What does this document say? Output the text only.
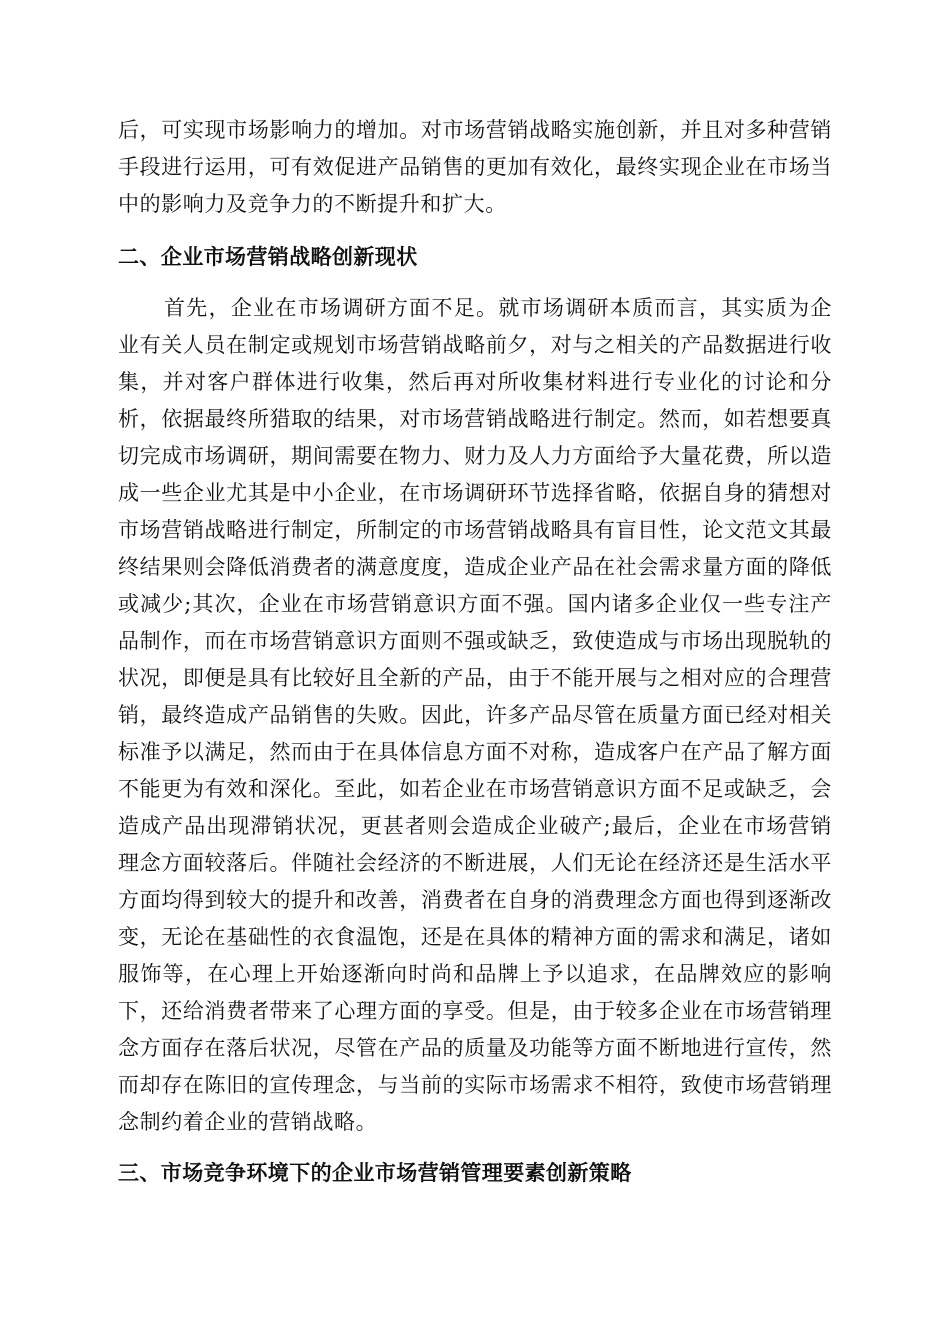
后，可实现市场影响力的增加。对市场营销战略实施创新，并且对多种营销手段进行运用，可有效促进产品销售的更加有效化，最终实现企业在市场当中的影响力及竞争力的不断提升和扩大。

二、企业市场营销战略创新现状

首先，企业在市场调研方面不足。就市场调研本质而言，其实质为企业有关人员在制定或规划市场营销战略前夕，对与之相关的产品数据进行收集，并对客户群体进行收集，然后再对所收集材料进行专业化的讨论和分析，依据最终所猎取的结果，对市场营销战略进行制定。然而，如若想要真切完成市场调研，期间需要在物力、财力及人力方面给予大量花费，所以造成一些企业尤其是中小企业，在市场调研环节选择省略，依据自身的猜想对市场营销战略进行制定，所制定的市场营销战略具有盲目性，论文范文其最终结果则会降低消费者的满意度度，造成企业产品在社会需求量方面的降低或减少;其次，企业在市场营销意识方面不强。国内诸多企业仅一些专注产品制作，而在市场营销意识方面则不强或缺乏，致使造成与市场出现脱轨的状况，即便是具有比较好且全新的产品，由于不能开展与之相对应的合理营销，最终造成产品销售的失败。因此，许多产品尽管在质量方面已经对相关标准予以满足，然而由于在具体信息方面不对称，造成客户在产品了解方面不能更为有效和深化。至此，如若企业在市场营销意识方面不足或缺乏，会造成产品出现滞销状况，更甚者则会造成企业破产;最后，企业在市场营销理念方面较落后。伴随社会经济的不断进展，人们无论在经济还是生活水平方面均得到较大的提升和改善，消费者在自身的消费理念方面也得到逐渐改变，无论在基础性的衣食温饱，还是在具体的精神方面的需求和满足，诸如服饰等，在心理上开始逐渐向时尚和品牌上予以追求，在品牌效应的影响下，还给消费者带来了心理方面的享受。但是，由于较多企业在市场营销理念方面存在落后状况，尽管在产品的质量及功能等方面不断地进行宣传，然而却存在陈旧的宣传理念，与当前的实际市场需求不相符，致使市场营销理念制约着企业的营销战略。

三、市场竞争环境下的企业市场营销管理要素创新策略
